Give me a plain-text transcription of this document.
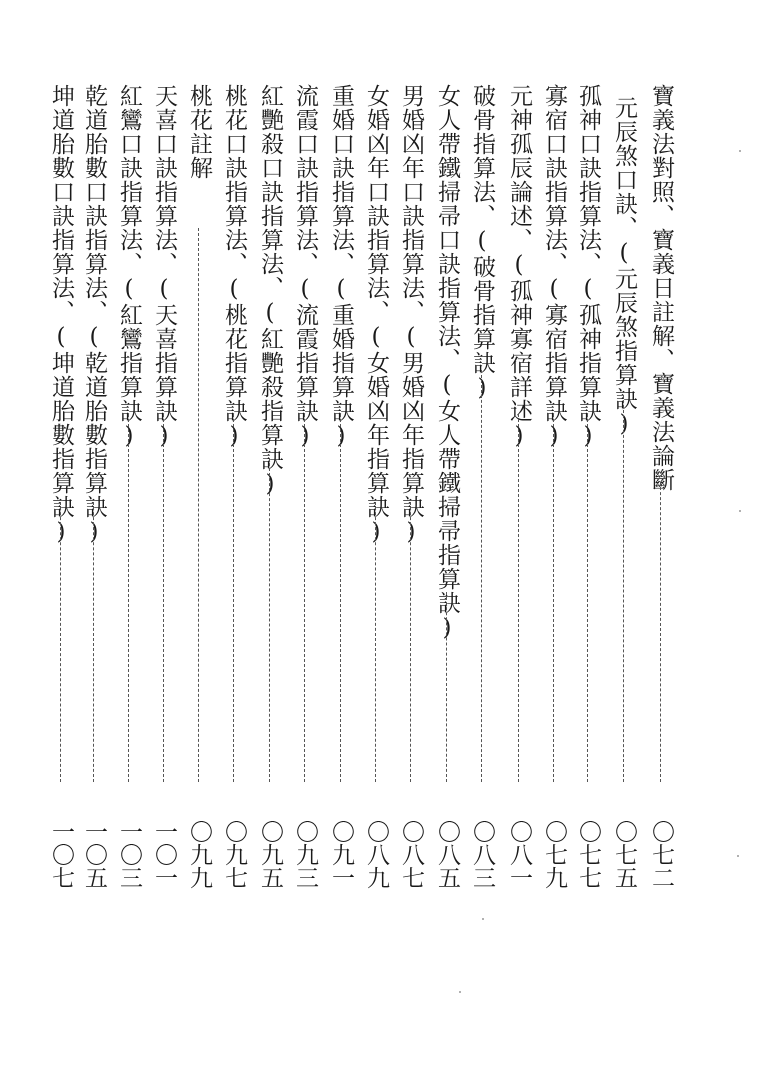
寶義法對照、寶義日註解、寶義法論斷
〇七二
元辰煞口訣、(元辰煞指算訣)
〇七五
孤神口訣指算法、(孤神指算訣)
〇七七
寡宿口訣指算法、(寡宿指算訣)
〇七九
元神孤辰論述、(孤神寡宿詳述)
〇八一
破骨指算法、(破骨指算訣)
〇八三
女人帶鐵掃帚口訣指算法、(女人帶鐵掃帚指算訣)
〇八五
男婚凶年口訣指算法、(男婚凶年指算訣)
〇八七
女婚凶年口訣指算法、(女婚凶年指算訣)
〇八九
重婚口訣指算法、(重婚指算訣)
〇九一
流霞口訣指算法、(流霞指算訣)
〇九三
紅艷殺口訣指算法、(紅艷殺指算訣)
〇九五
桃花口訣指算法、(桃花指算訣)
〇九七
桃花註解
〇九九
天喜口訣指算法、(天喜指算訣)
一〇一
紅鸞口訣指算法、(紅鸞指算訣)
一〇三
乾道胎數口訣指算法、(乾道胎數指算訣)
一〇五
坤道胎數口訣指算法、(坤道胎數指算訣)
一〇七
